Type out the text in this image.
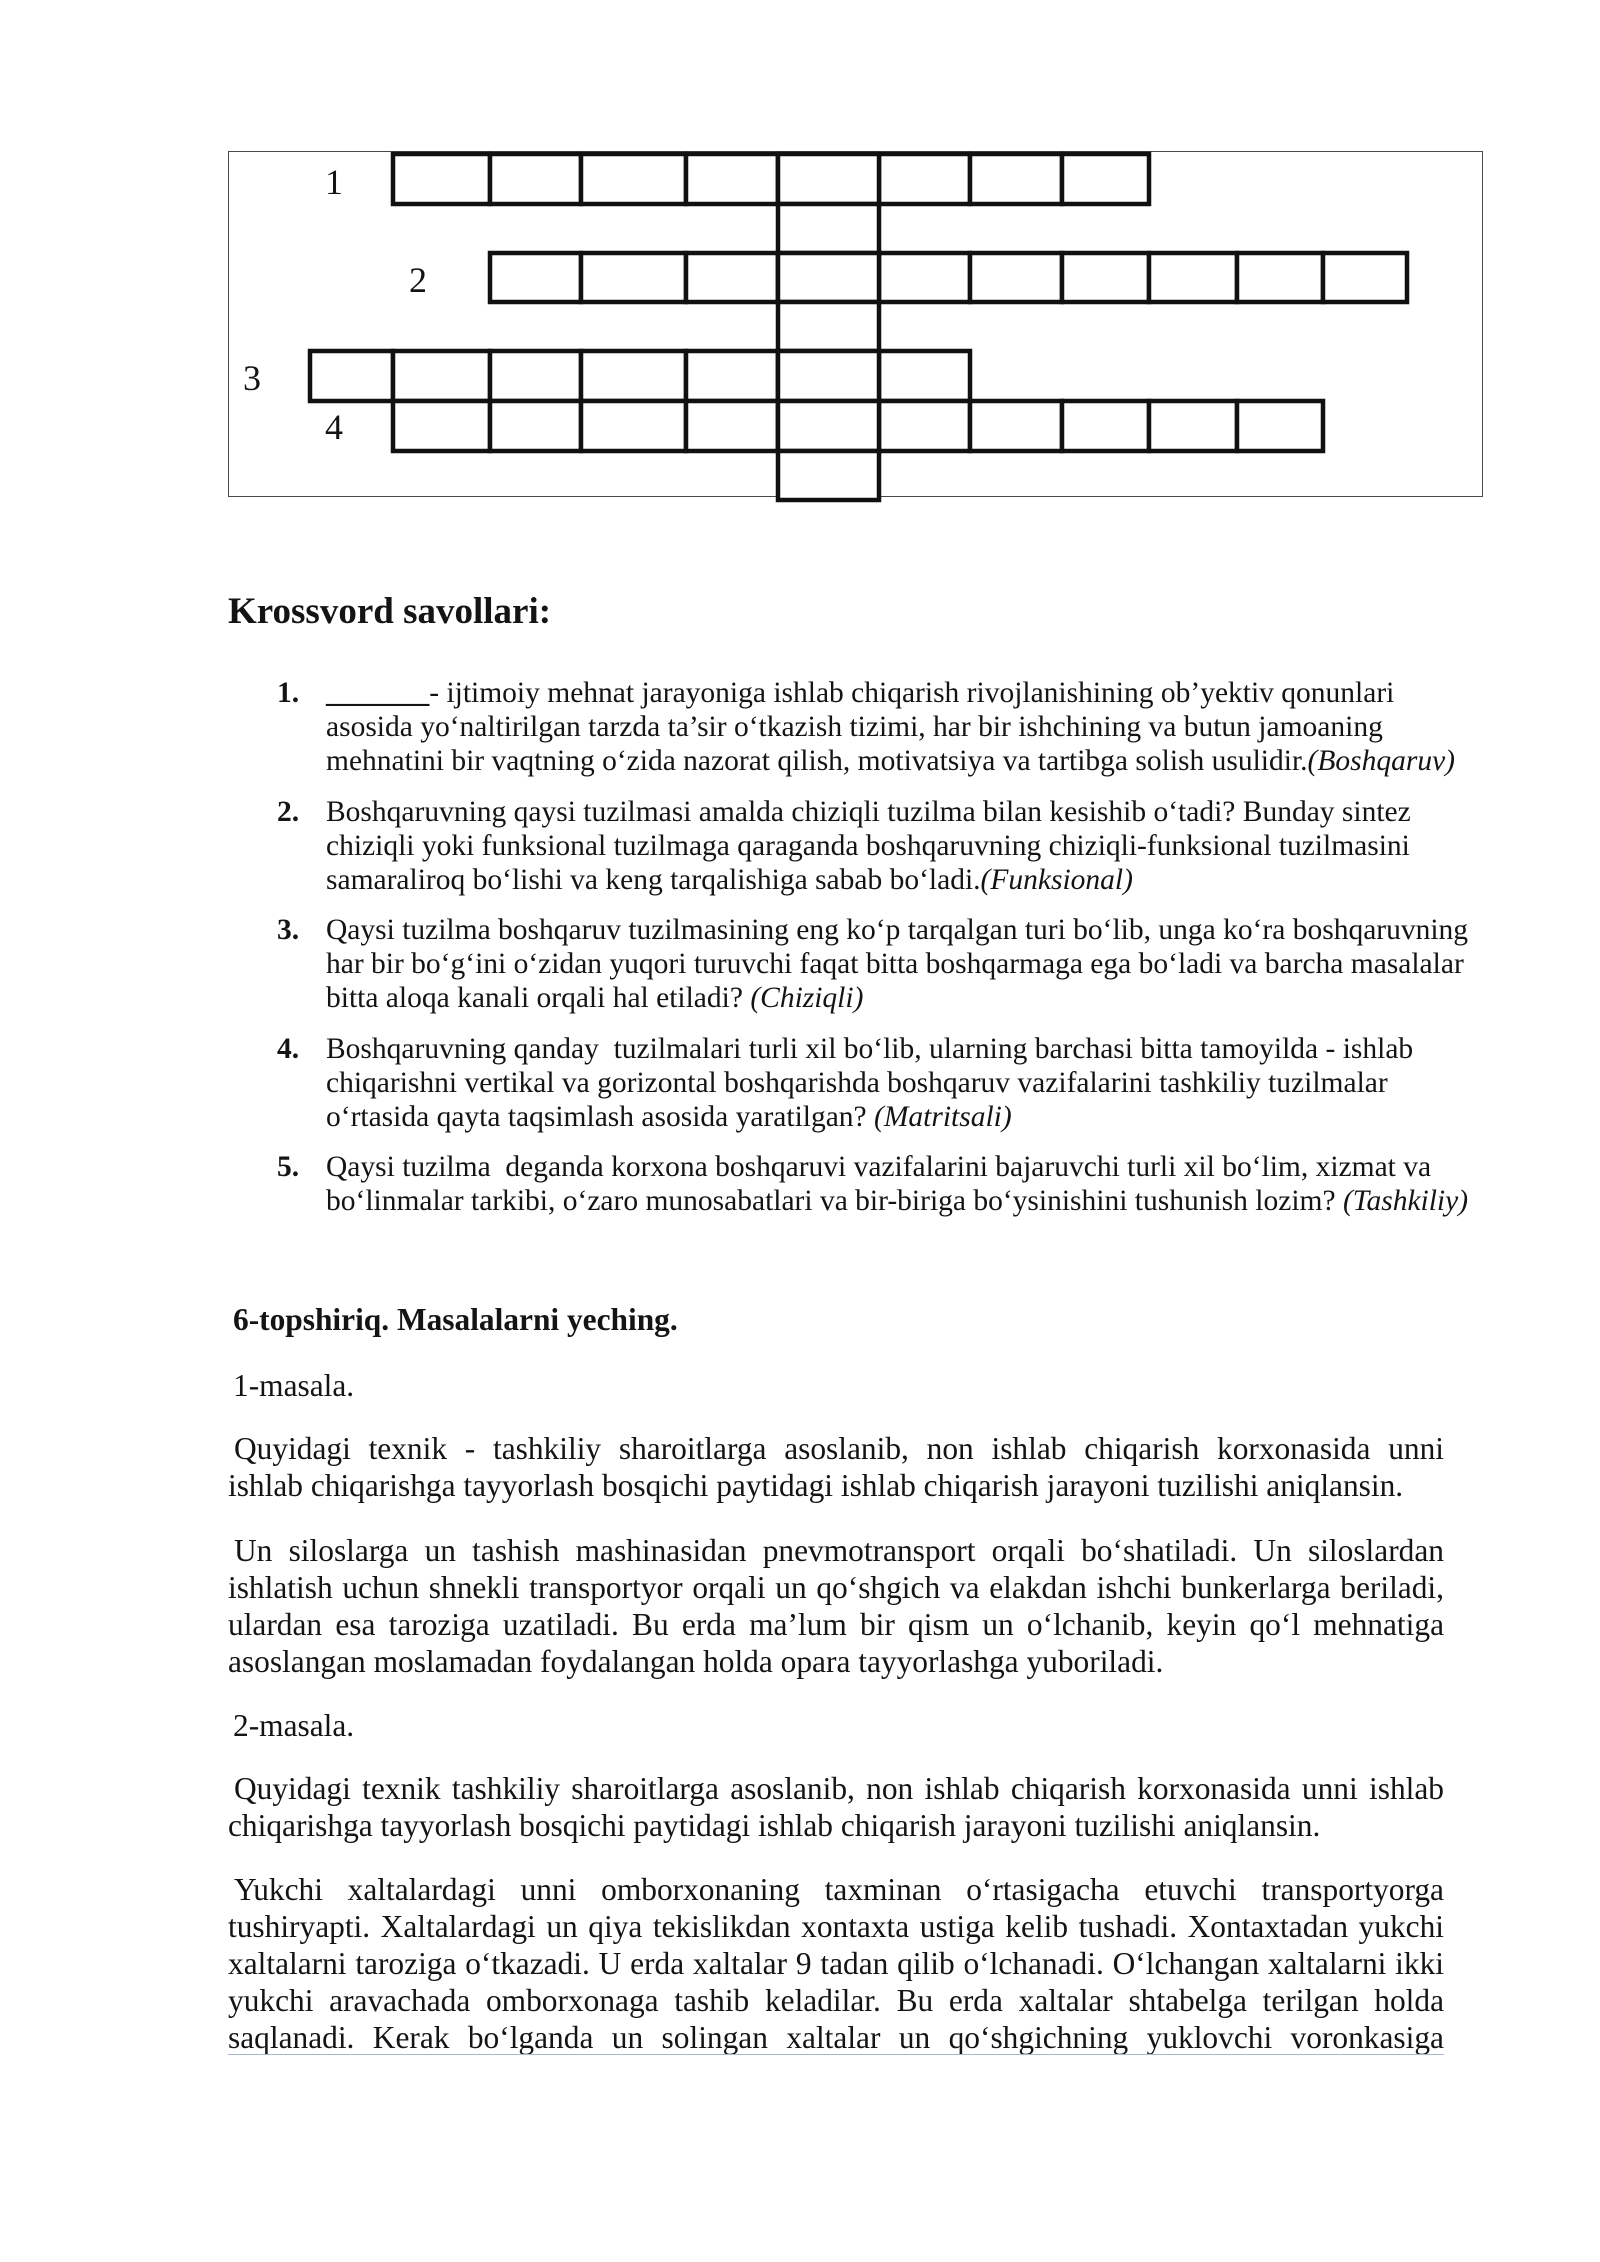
1
2
3
4
Krossvord savollari:
1. _______- ijtimoiy mehnat jarayoniga ishlab chiqarish rivojlanishining ob’yektiv qonunlari
asosida yo‘naltirilgan tarzda ta’sir o‘tkazish tizimi, har bir ishchining va butun jamoaning
mehnatini bir vaqtning o‘zida nazorat qilish, motivatsiya va tartibga solish usulidir.(Boshqaruv)
2. Boshqaruvning qaysi tuzilmasi amalda chiziqli tuzilma bilan kesishib o‘tadi? Bunday sintez
chiziqli yoki funksional tuzilmaga qaraganda boshqaruvning chiziqli-funksional tuzilmasini
samaraliroq bo‘lishi va keng tarqalishiga sabab bo‘ladi.(Funksional)
3. Qaysi tuzilma boshqaruv tuzilmasining eng ko‘p tarqalgan turi bo‘lib, unga ko‘ra boshqaruvning
har bir bo‘g‘ini o‘zidan yuqori turuvchi faqat bitta boshqarmaga ega bo‘ladi va barcha masalalar
bitta aloqa kanali orqali hal etiladi? (Chiziqli)
4. Boshqaruvning qanday  tuzilmalari turli xil bo‘lib, ularning barchasi bitta tamoyilda - ishlab
chiqarishni vertikal va gorizontal boshqarishda boshqaruv vazifalarini tashkiliy tuzilmalar
o‘rtasida qayta taqsimlash asosida yaratilgan? (Matritsali)
5. Qaysi tuzilma  deganda korxona boshqaruvi vazifalarini bajaruvchi turli xil bo‘lim, xizmat va
bo‘linmalar tarkibi, o‘zaro munosabatlari va bir-biriga bo‘ysinishini tushunish lozim? (Tashkiliy)
6-topshiriq. Masalalarni yeching.
1-masala.
Quyidagi texnik - tashkiliy sharoitlarga asoslanib, non ishlab chiqarish korxonasida unni
ishlab chiqarishga tayyorlash bosqichi paytidagi ishlab chiqarish jarayoni tuzilishi aniqlansin.
Un siloslarga un tashish mashinasidan pnevmotransport orqali bo‘shatiladi. Un siloslardan
ishlatish uchun shnekli transportyor orqali un qo‘shgich va elakdan ishchi bunkerlarga beriladi,
ulardan esa taroziga uzatiladi. Bu erda ma’lum bir qism un o‘lchanib, keyin qo‘l mehnatiga
asoslangan moslamadan foydalangan holda opara tayyorlashga yuboriladi.
2-masala.
Quyidagi texnik tashkiliy sharoitlarga asoslanib, non ishlab chiqarish korxonasida unni ishlab
chiqarishga tayyorlash bosqichi paytidagi ishlab chiqarish jarayoni tuzilishi aniqlansin.
Yukchi xaltalardagi unni omborxonaning taxminan o‘rtasigacha etuvchi transportyorga
tushiryapti. Xaltalardagi un qiya tekislikdan xontaxta ustiga kelib tushadi. Xontaxtadan yukchi
xaltalarni taroziga o‘tkazadi. U erda xaltalar 9 tadan qilib o‘lchanadi. O‘lchangan xaltalarni ikki
yukchi aravachada omborxonaga tashib keladilar. Bu erda xaltalar shtabelga terilgan holda
saqlanadi. Kerak bo‘lganda un solingan xaltalar un qo‘shgichning yuklovchi voronkasiga
